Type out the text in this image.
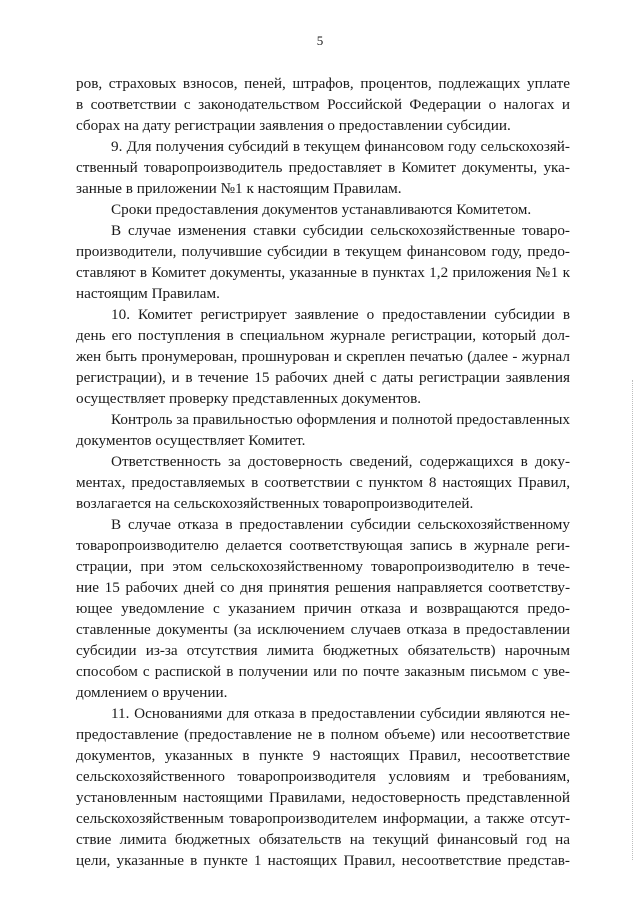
5
ров, страховых взносов, пеней, штрафов, процентов, подлежащих уплате
в соответствии с законодательством Российской Федерации о налогах и
сборах на дату регистрации заявления о предоставлении субсидии.
9. Для получения субсидий в текущем финансовом году сельскохозяй-
ственный товаропроизводитель предоставляет в Комитет документы, ука-
занные в приложении №1 к настоящим Правилам.
Сроки предоставления документов устанавливаются Комитетом.
В случае изменения ставки субсидии сельскохозяйственные товаро-
производители, получившие субсидии в текущем финансовом году, предо-
ставляют в Комитет документы, указанные в пунктах 1,2 приложения №1 к
настоящим Правилам.
10. Комитет регистрирует заявление о предоставлении субсидии в
день его поступления в специальном журнале регистрации, который дол-
жен быть пронумерован, прошнурован и скреплен печатью (далее - журнал
регистрации), и в течение 15 рабочих дней с даты регистрации заявления
осуществляет проверку представленных документов.
Контроль за правильностью оформления и полнотой предоставленных
документов осуществляет Комитет.
Ответственность за достоверность сведений, содержащихся в доку-
ментах, предоставляемых в соответствии с пунктом 8 настоящих Правил,
возлагается на сельскохозяйственных товаропроизводителей.
В случае отказа в предоставлении субсидии сельскохозяйственному
товаропроизводителю делается соответствующая запись в журнале реги-
страции, при этом сельскохозяйственному товаропроизводителю в тече-
ние 15 рабочих дней со дня принятия решения направляется соответству-
ющее уведомление с указанием причин отказа и возвращаются предо-
ставленные документы (за исключением случаев отказа в предоставлении
субсидии из-за отсутствия лимита бюджетных обязательств) нарочным
способом с распиской в получении или по почте заказным письмом с уве-
домлением о вручении.
11. Основаниями для отказа в предоставлении субсидии являются не-
предоставление (предоставление не в полном объеме) или несоответствие
документов, указанных в пункте 9 настоящих Правил, несоответствие
сельскохозяйственного товаропроизводителя условиям и требованиям,
установленным настоящими Правилами, недостоверность представленной
сельскохозяйственным товаропроизводителем информации, а также отсут-
ствие лимита бюджетных обязательств на текущий финансовый год на
цели, указанные в пункте 1 настоящих Правил, несоответствие представ-
